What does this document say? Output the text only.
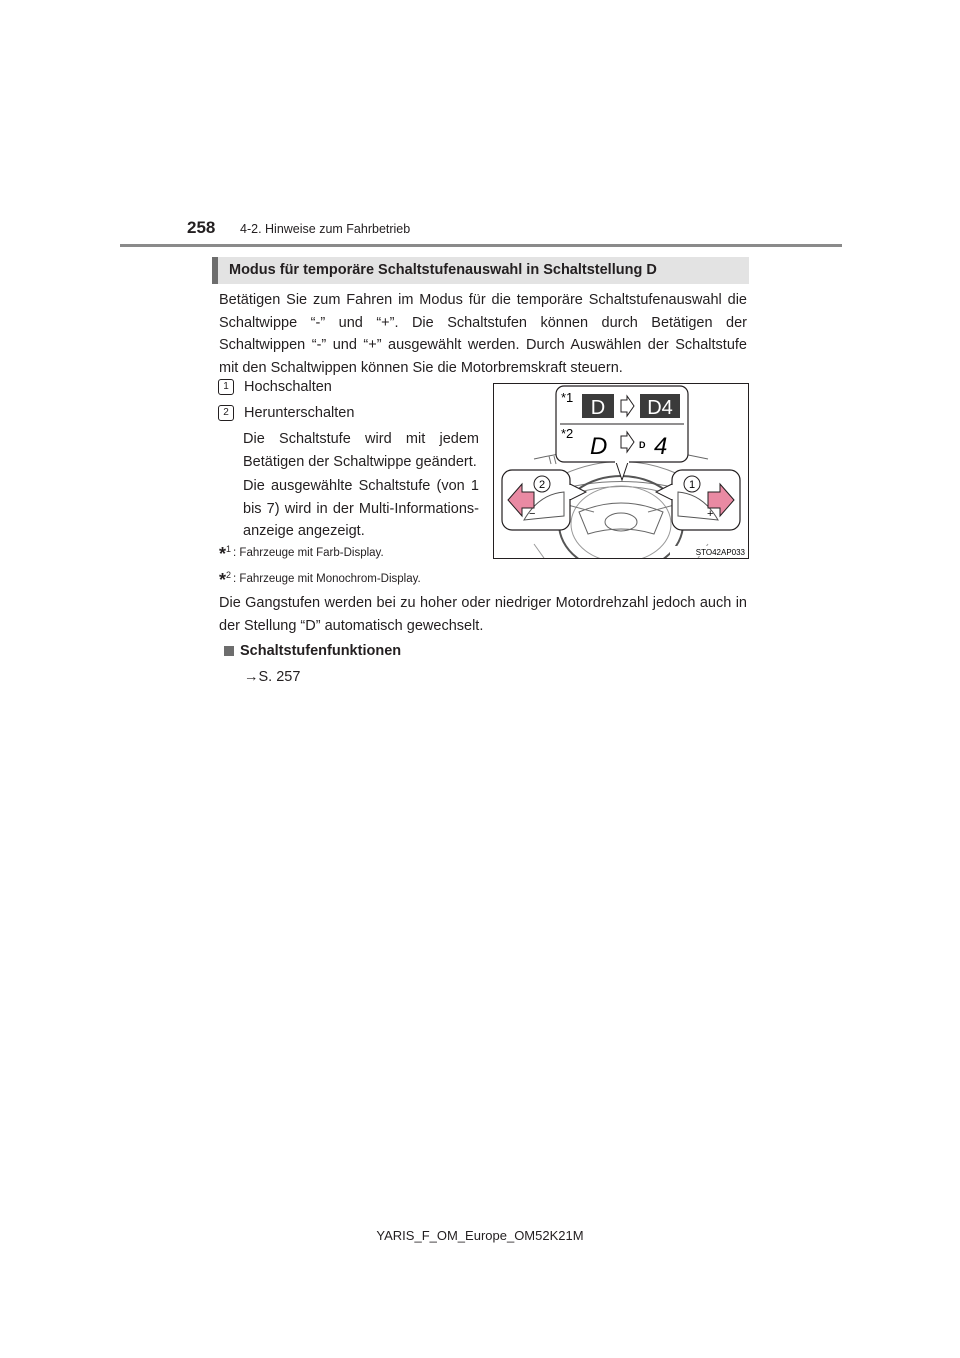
258 4-2. Hinweise zum Fahrbetrieb
Modus für temporäre Schaltstufenauswahl in Schaltstellung D
Betätigen Sie zum Fahren im Modus für die temporäre Schaltstufenauswahl die Schaltwippe “-” und “+”. Die Schaltstufen können durch Betätigen der Schaltwippen “-” und “+” ausgewählt werden. Durch Auswählen der Schaltstufe mit den Schaltwippen können Sie die Motorbremskraft steuern.
1	Hochschalten
2	Herunterschalten
Die Schaltstufe wird mit jedem Betätigen der Schaltwippe geändert.
Die ausgewählte Schaltstufe (von 1 bis 7) wird in der Multi-Informationsanzeige angezeigt.
* 1 : Fahrzeuge mit Farb-Display.
* 2 : Fahrzeuge mit Monochrom-Display.
Die Gangstufen werden bei zu hoher oder niedriger Motordrehzahl jedoch auch in der Stellung “D” automatisch gewechselt.
Schaltstufenfunktionen
→S. 257
*1 D D4
*2 D	D 4
−
2
+
1
STO42AP033
YARIS_F_OM_Europe_OM52K21M
